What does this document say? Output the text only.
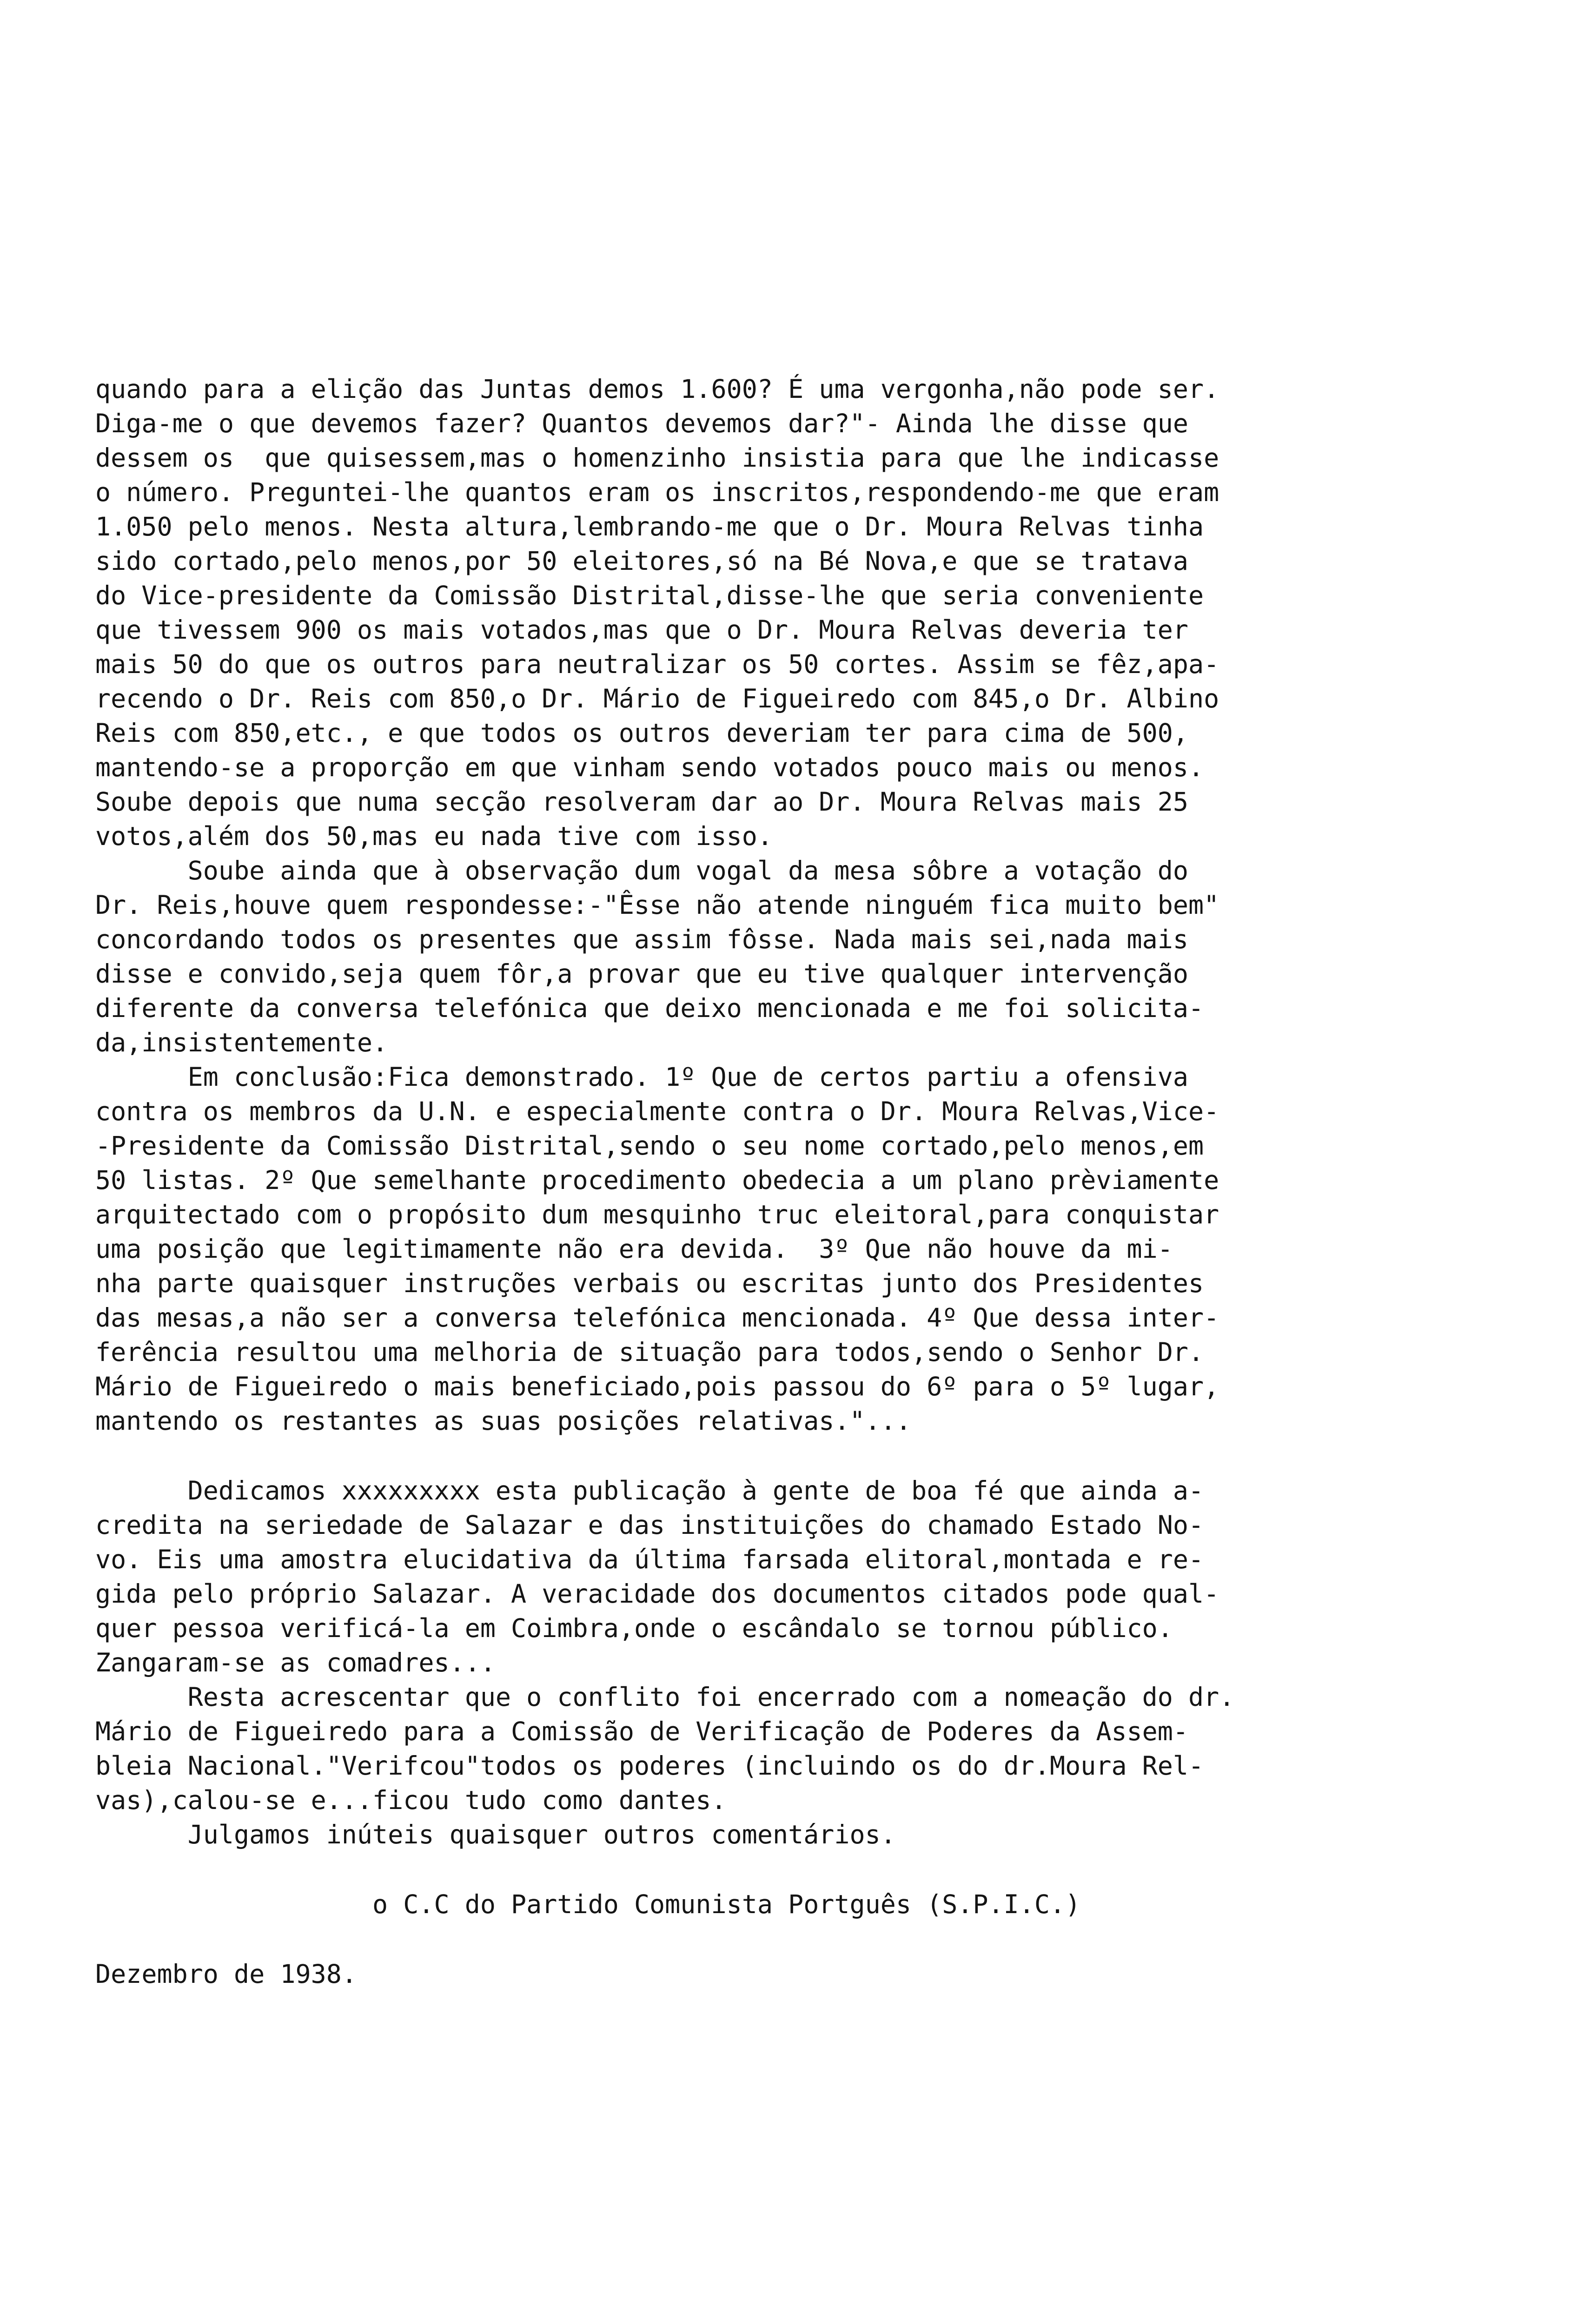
quando para a elição das Juntas demos 1.600? É uma vergonha,não pode ser.
Diga-me o que devemos fazer? Quantos devemos dar?"- Ainda lhe disse que
dessem os  que quisessem,mas o homenzinho insistia para que lhe indicasse
o número. Preguntei-lhe quantos eram os inscritos,respondendo-me que eram
1.050 pelo menos. Nesta altura,lembrando-me que o Dr. Moura Relvas tinha
sido cortado,pelo menos,por 50 eleitores,só na Bé Nova,e que se tratava
do Vice-presidente da Comissão Distrital,disse-lhe que seria conveniente
que tivessem 900 os mais votados,mas que o Dr. Moura Relvas deveria ter
mais 50 do que os outros para neutralizar os 50 cortes. Assim se fêz,apa-
recendo o Dr. Reis com 850,o Dr. Mário de Figueiredo com 845,o Dr. Albino
Reis com 850,etc., e que todos os outros deveriam ter para cima de 500,
mantendo-se a proporção em que vinham sendo votados pouco mais ou menos.
Soube depois que numa secção resolveram dar ao Dr. Moura Relvas mais 25
votos,além dos 50,mas eu nada tive com isso.
Soube ainda que à observação dum vogal da mesa sôbre a votação do
Dr. Reis,houve quem respondesse:-"Êsse não atende ninguém fica muito bem"
concordando todos os presentes que assim fôsse. Nada mais sei,nada mais
disse e convido,seja quem fôr,a provar que eu tive qualquer intervenção
diferente da conversa telefónica que deixo mencionada e me foi solicita-
da,insistentemente.
Em conclusão:Fica demonstrado. 1º Que de certos partiu a ofensiva
contra os membros da U.N. e especialmente contra o Dr. Moura Relvas,Vice-
-Presidente da Comissão Distrital,sendo o seu nome cortado,pelo menos,em
50 listas. 2º Que semelhante procedimento obedecia a um plano prèviamente
arquitectado com o propósito dum mesquinho truc eleitoral,para conquistar
uma posição que legitimamente não era devida.  3º Que não houve da mi-
nha parte quaisquer instruções verbais ou escritas junto dos Presidentes
das mesas,a não ser a conversa telefónica mencionada. 4º Que dessa inter-
ferência resultou uma melhoria de situação para todos,sendo o Senhor Dr.
Mário de Figueiredo o mais beneficiado,pois passou do 6º para o 5º lugar,
mantendo os restantes as suas posições relativas."...
Dedicamos xxxxxxxxx esta publicação à gente de boa fé que ainda a-
credita na seriedade de Salazar e das instituições do chamado Estado No-
vo. Eis uma amostra elucidativa da última farsada elitoral,montada e re-
gida pelo próprio Salazar. A veracidade dos documentos citados pode qual-
quer pessoa verificá-la em Coimbra,onde o escândalo se tornou público.
Zangaram-se as comadres...
Resta acrescentar que o conflito foi encerrado com a nomeação do dr.
Mário de Figueiredo para a Comissão de Verificação de Poderes da Assem-
bleia Nacional."Verifcou"todos os poderes (incluindo os do dr.Moura Rel-
vas),calou-se e...ficou tudo como dantes.
Julgamos inúteis quaisquer outros comentários.
o C.C do Partido Comunista Portguês (S.P.I.C.)
Dezembro de 1938.
